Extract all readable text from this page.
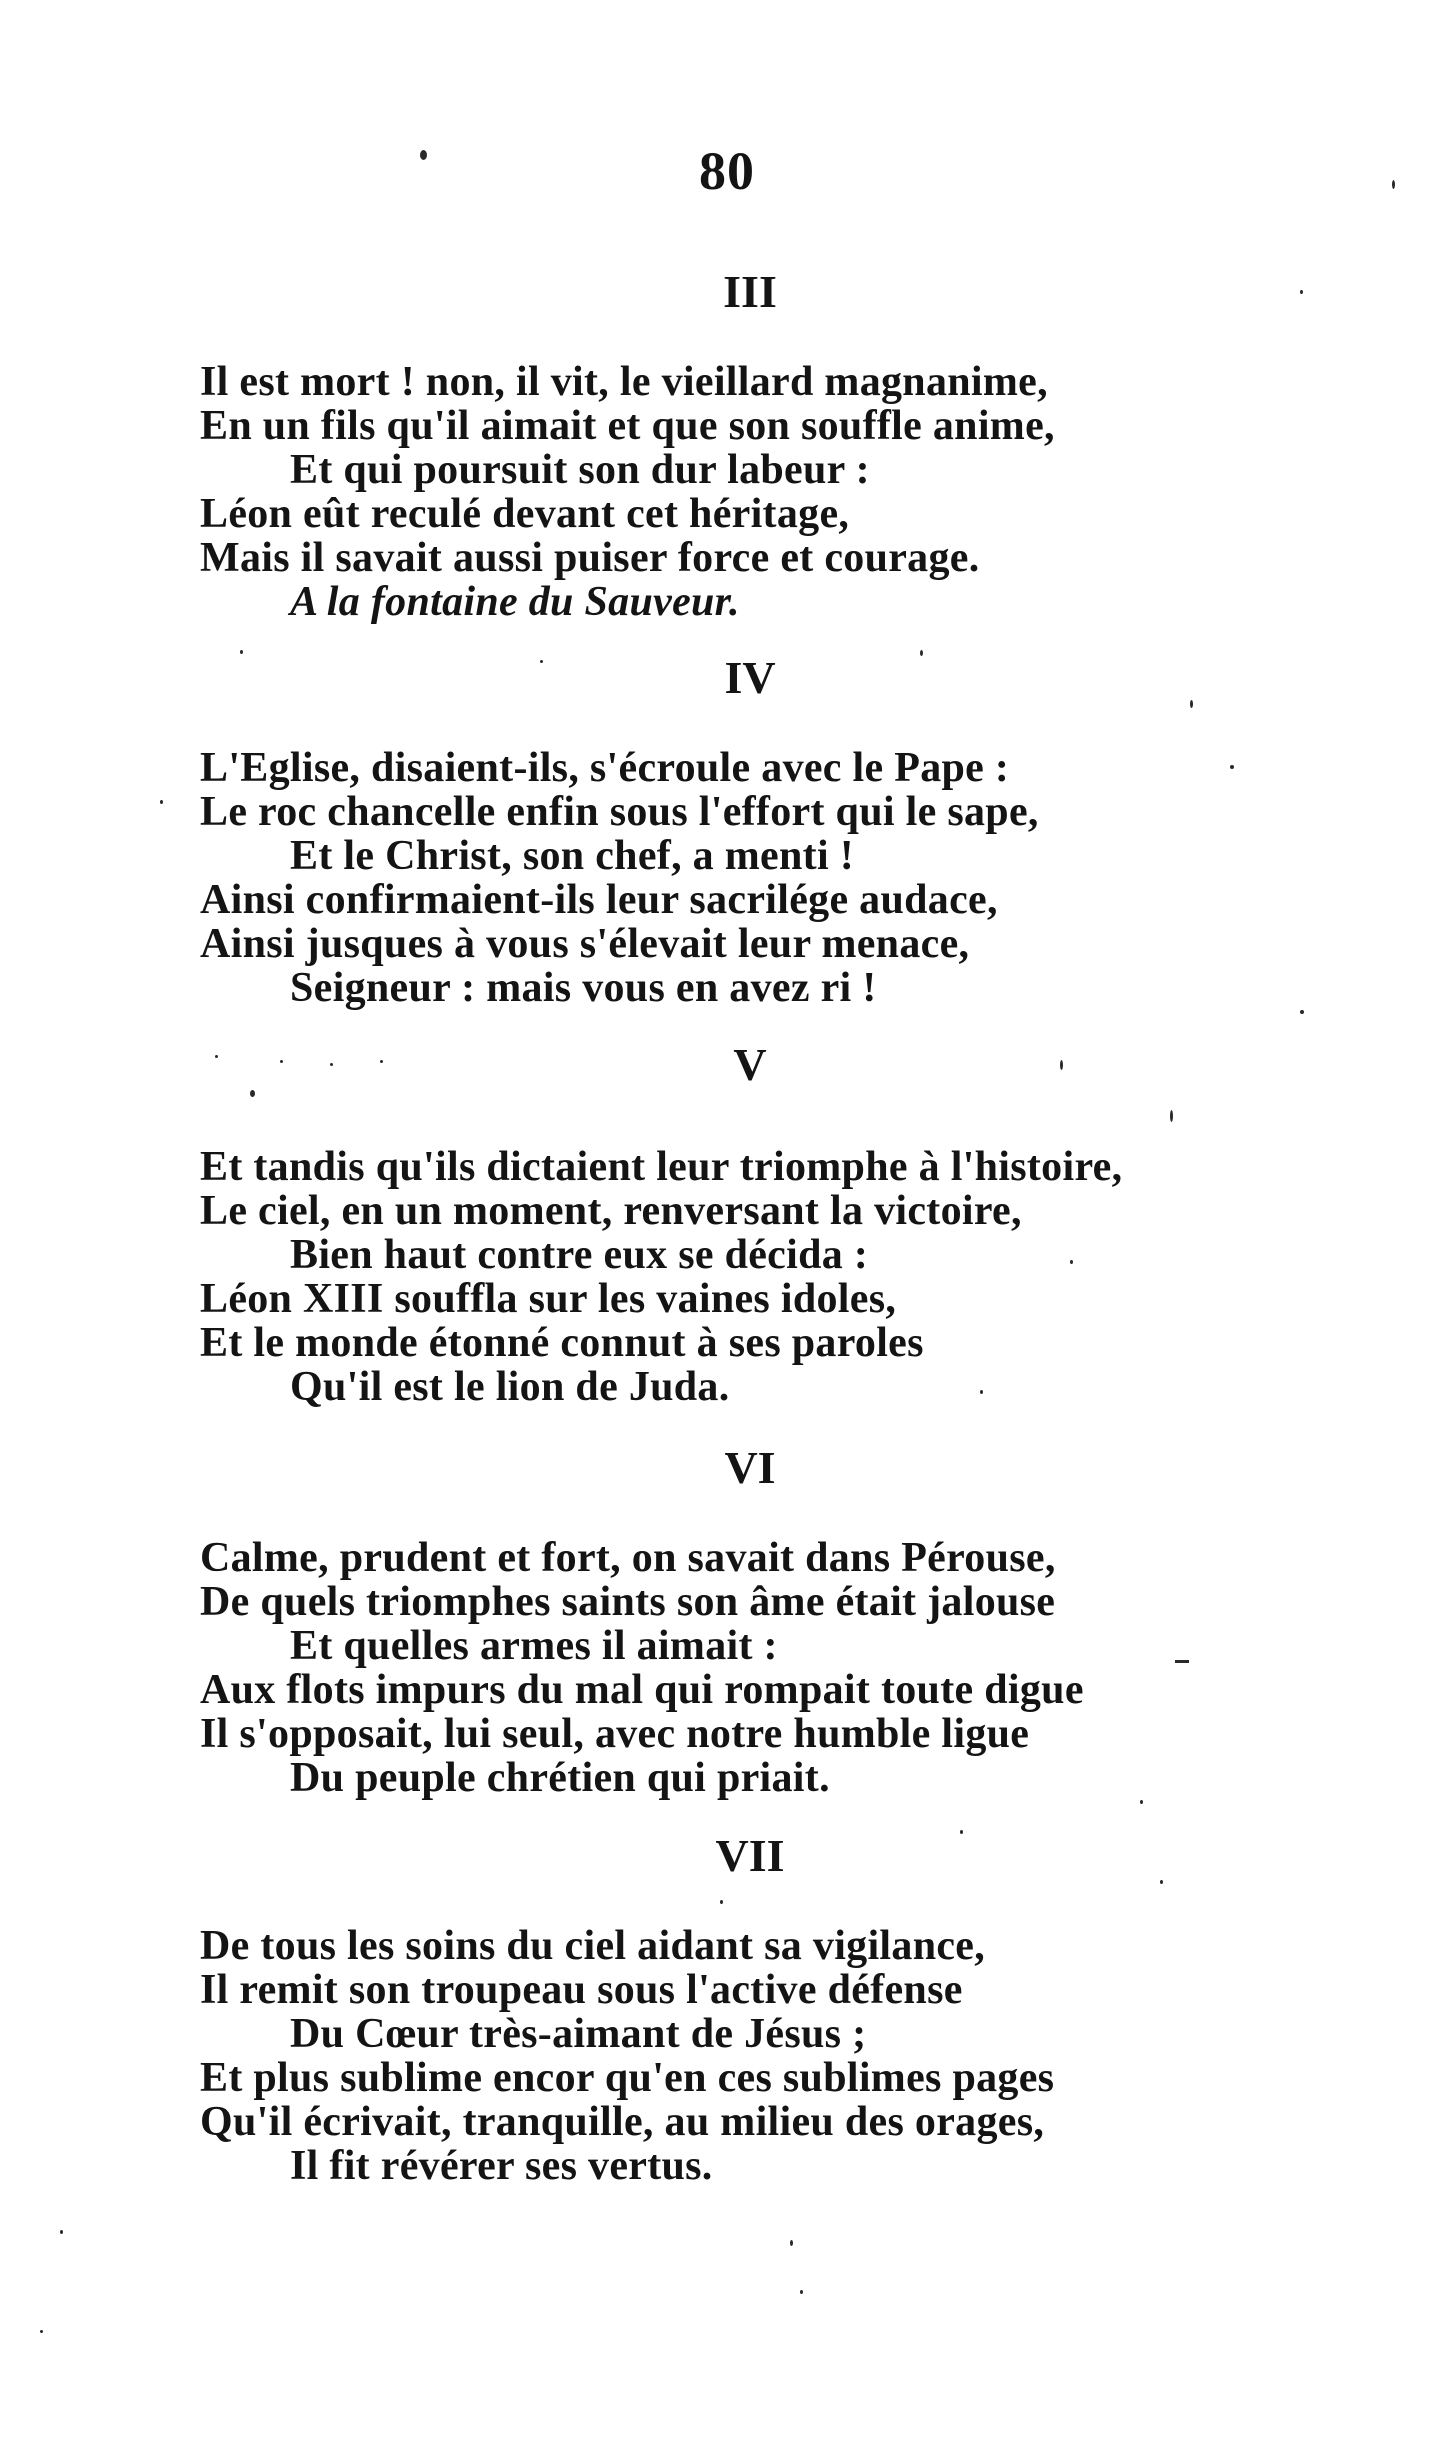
80
III
Il est mort ! non, il vit, le vieillard magnanime,
En un fils qu'il aimait et que son souffle anime,
Et qui poursuit son dur labeur :
Léon eût reculé devant cet héritage,
Mais il savait aussi puiser force et courage.
A la fontaine du Sauveur.
IV
L'Eglise, disaient-ils, s'écroule avec le Pape :
Le roc chancelle enfin sous l'effort qui le sape,
Et le Christ, son chef, a menti !
Ainsi confirmaient-ils leur sacrilége audace,
Ainsi jusques à vous s'élevait leur menace,
Seigneur : mais vous en avez ri !
V
Et tandis qu'ils dictaient leur triomphe à l'histoire,
Le ciel, en un moment, renversant la victoire,
Bien haut contre eux se décida :
Léon XIII souffla sur les vaines idoles,
Et le monde étonné connut à ses paroles
Qu'il est le lion de Juda.
VI
Calme, prudent et fort, on savait dans Pérouse,
De quels triomphes saints son âme était jalouse
Et quelles armes il aimait :
Aux flots impurs du mal qui rompait toute digue
Il s'opposait, lui seul, avec notre humble ligue
Du peuple chrétien qui priait.
VII
De tous les soins du ciel aidant sa vigilance,
Il remit son troupeau sous l'active défense
Du Cœur très-aimant de Jésus ;
Et plus sublime encor qu'en ces sublimes pages
Qu'il écrivait, tranquille, au milieu des orages,
Il fit révérer ses vertus.
